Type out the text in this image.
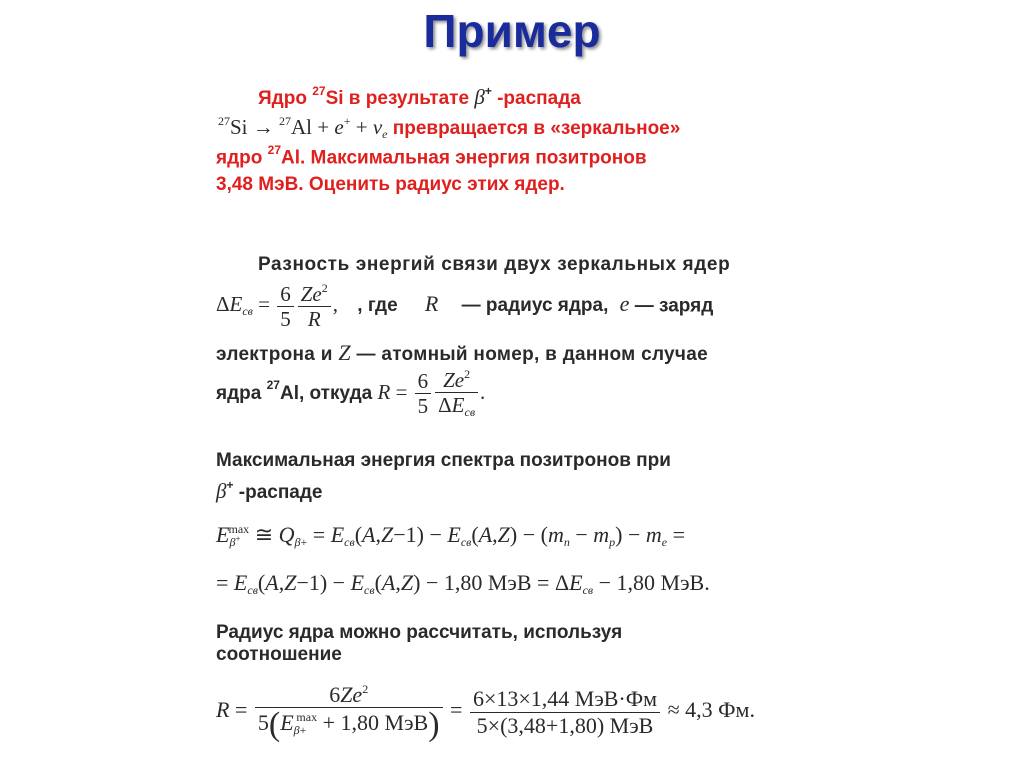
Пример
Ядро $^{27}$Si в результате β+ -распада
$^{27}Si \to ^{27}Al + e^+ + \nu_e$ превращается в «зеркальное»
ядро $^{27}$Al. Максимальная энергия позитронов
3,48 МэВ. Оценить радиус этих ядер.
Разность энергий связи двух зеркальных ядер
$\Delta E_{св} = \frac{6}{5} \frac{Ze^2}{R}$ , , где R — радиус ядра, e — заряд
электрона и Z — атомный номер, в данном случае
ядра $^{27}$Al, откуда $R = \frac{6}{5} \frac{Ze^2}{\Delta E_{св}}$ .
Максимальная энергия спектра позитронов при
β+ -распаде
$E_{\beta^+}^{max}$ ≅ $Q_{\beta+} = E_{св}(A,Z-1) - E_{св}(A,Z) - (m_n - m_p) - m_e$ =
= $E_{св}(A,Z-1) - E_{св}(A,Z) - 1,80$ МэВ = $\Delta E_{св} - 1,80$ МэВ.
Радиус ядра можно рассчитать, используя
соотношение
$R = \frac{6Ze^2}{5(E_{\beta+}^{max} + 1,80 МэВ)} = \frac{\text{6×13×1,44 МэВ·Фм}}{\text{5×(3,48+1,80) МэВ}} \approx 4,3$ Фм.
